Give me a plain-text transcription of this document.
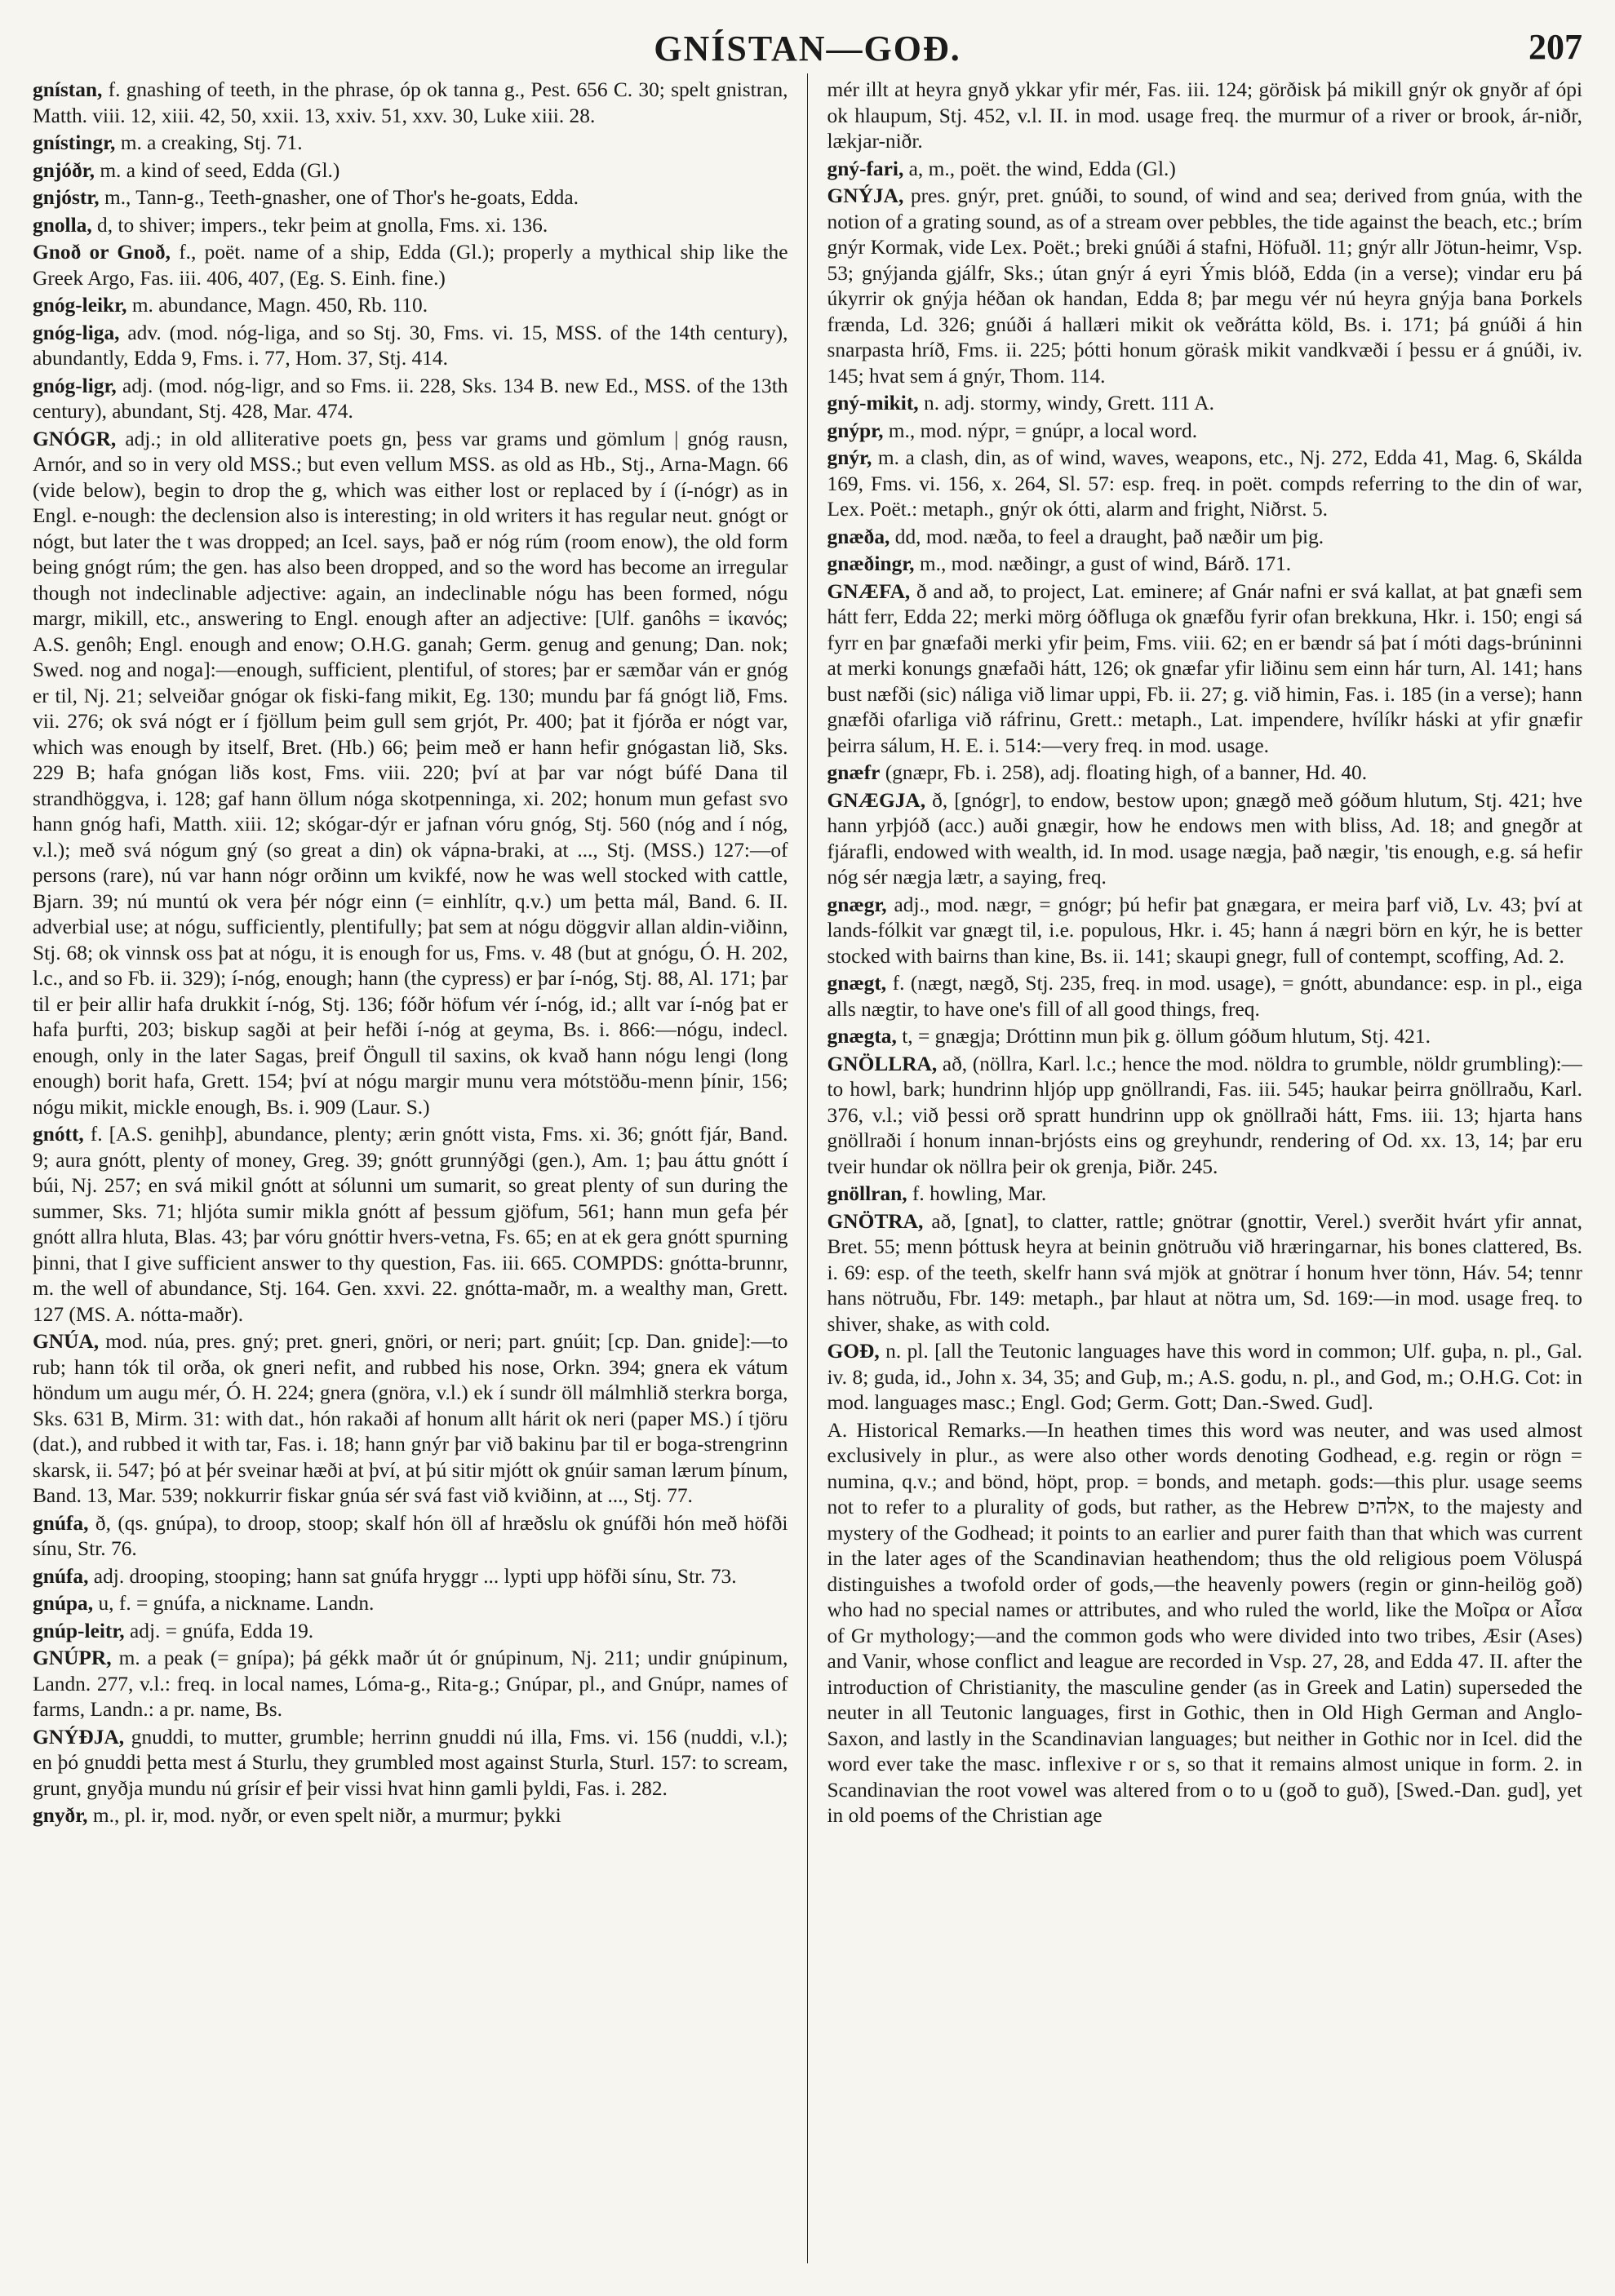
GNÍSTAN—GOÐ.	207

gnístan, f. gnashing of teeth, in the phrase, óp ok tanna g., Pest. 656 C. 30; spelt gnistran, Matth. viii. 12, xiii. 42, 50, xxii. 13, xxiv. 51, xxv. 30, Luke xiii. 28.

gnístingr, m. a creaking, Stj. 71.

gnjóðr, m. a kind of seed, Edda (Gl.)

gnjóstr, m., Tann-g., Teeth-gnasher, one of Thor's he-goats, Edda.

gnolla, d, to shiver; impers., tekr þeim at gnolla, Fms. xi. 136.

Gnoð or Gnoð, f., poët. name of a ship, Edda (Gl.); properly a mythical ship like the Greek Argo, Fas. iii. 406, 407, (Eg. S. Einh. fine.)

gnóg-leikr, m. abundance, Magn. 450, Rb. 110.

gnóg-liga, adv. (mod. nóg-liga, and so Stj. 30, Fms. vi. 15, MSS. of the 14th century), abundantly, Edda 9, Fms. i. 77, Hom. 37, Stj. 414.

gnóg-ligr, adj. (mod. nóg-ligr, and so Fms. ii. 228, Sks. 134 B. new Ed., MSS. of the 13th century), abundant, Stj. 428, Mar. 474.

GNÓGR, adj.; in old alliterative poets gn, þess var grams und gömlum | gnóg rausn, Arnór, and so in very old MSS.; but even vellum MSS. as old as Hb., Stj., Arna-Magn. 66 (vide below), begin to drop the g, which was either lost or replaced by í (í-nógr) as in Engl. e-nough: the declension also is interesting; in old writers it has regular neut. gnógt or nógt, but later the t was dropped; an Icel. says, það er nóg rúm (room enow), the old form being gnógt rúm; the gen. has also been dropped, and so the word has become an irregular though not indeclinable adjective: again, an indeclinable nógu has been formed, nógu margr, mikill, etc., answering to Engl. enough after an adjective: [Ulf. ganôhs = ἱκανός; A.S. genôh; Engl. enough and enow; O.H.G. ganah; Germ. genug and genung; Dan. nok; Swed. nog and noga]:—enough, sufficient, plentiful, of stores; þar er sæmðar ván er gnóg er til, Nj. 21; selveiðar gnógar ok fiski-fang mikit, Eg. 130; mundu þar fá gnógt lið, Fms. vii. 276; ok svá nógt er í fjöllum þeim gull sem grjót, Pr. 400; þat it fjórða er nógt var, which was enough by itself, Bret. (Hb.) 66; þeim með er hann hefir gnógastan lið, Sks. 229 B; hafa gnógan liðs kost, Fms. viii. 220; því at þar var nógt búfé Dana til strandhöggva, i. 128; gaf hann öllum nóga skotpenninga, xi. 202; honum mun gefast svo hann gnóg hafi, Matth. xiii. 12; skógar-dýr er jafnan vóru gnóg, Stj. 560 (nóg and í nóg, v.l.); með svá nógum gný (so great a din) ok vápna-braki, at ..., Stj. (MSS.) 127:—of persons (rare), nú var hann nógr orðinn um kvikfé, now he was well stocked with cattle, Bjarn. 39; nú muntú ok vera þér nógr einn (= einhlítr, q.v.) um þetta mál, Band. 6. II. adverbial use; at nógu, sufficiently, plentifully; þat sem at nógu döggvir allan aldin-viðinn, Stj. 68; ok vinnsk oss þat at nógu, it is enough for us, Fms. v. 48 (but at gnógu, Ó. H. 202, l.c., and so Fb. ii. 329); í-nóg, enough; hann (the cypress) er þar í-nóg, Stj. 88, Al. 171; þar til er þeir allir hafa drukkit í-nóg, Stj. 136; fóðr höfum vér í-nóg, id.; allt var í-nóg þat er hafa þurfti, 203; biskup sagði at þeir hefði í-nóg at geyma, Bs. i. 866:—nógu, indecl. enough, only in the later Sagas, þreif Öngull til saxins, ok kvað hann nógu lengi (long enough) borit hafa, Grett. 154; því at nógu margir munu vera mótstöðu-menn þínir, 156; nógu mikit, mickle enough, Bs. i. 909 (Laur. S.)

gnótt, f. [A.S. genihþ], abundance, plenty; ærin gnótt vista, Fms. xi. 36; gnótt fjár, Band. 9; aura gnótt, plenty of money, Greg. 39; gnótt grunnýðgi (gen.), Am. 1; þau áttu gnótt í búi, Nj. 257; en svá mikil gnótt at sólunni um sumarit, so great plenty of sun during the summer, Sks. 71; hljóta sumir mikla gnótt af þessum gjöfum, 561; hann mun gefa þér gnótt allra hluta, Blas. 43; þar vóru gnóttir hvers-vetna, Fs. 65; en at ek gera gnótt spurning þinni, that I give sufficient answer to thy question, Fas. iii. 665. COMPDS: gnótta-brunnr, m. the well of abundance, Stj. 164. Gen. xxvi. 22. gnótta-maðr, m. a wealthy man, Grett. 127 (MS. A. nótta-maðr).

GNÚA, mod. núa, pres. gný; pret. gneri, gnöri, or neri; part. gnúit; [cp. Dan. gnide]:—to rub; hann tók til orða, ok gneri nefit, and rubbed his nose, Orkn. 394; gnera ek vátum höndum um augu mér, Ó. H. 224; gnera (gnöra, v.l.) ek í sundr öll málmhlið sterkra borga, Sks. 631 B, Mirm. 31: with dat., hón rakaði af honum allt hárit ok neri (paper MS.) í tjöru (dat.), and rubbed it with tar, Fas. i. 18; hann gnýr þar við bakinu þar til er boga-strengrinn skarsk, ii. 547; þó at þér sveinar hæði at því, at þú sitir mjótt ok gnúir saman lærum þínum, Band. 13, Mar. 539; nokkurrir fiskar gnúa sér svá fast við kviðinn, at ..., Stj. 77.

gnúfa, ð, (qs. gnúpa), to droop, stoop; skalf hón öll af hræðslu ok gnúfði hón með höfði sínu, Str. 76.

gnúfa, adj. drooping, stooping; hann sat gnúfa hryggr ... lypti upp höfði sínu, Str. 73.

gnúpa, u, f. = gnúfa, a nickname. Landn.

gnúp-leitr, adj. = gnúfa, Edda 19.

GNÚPR, m. a peak (= gnípa); þá gékk maðr út ór gnúpinum, Nj. 211; undir gnúpinum, Landn. 277, v.l.: freq. in local names, Lóma-g., Rita-g.; Gnúpar, pl., and Gnúpr, names of farms, Landn.: a pr. name, Bs.

GNÝÐJA, gnuddi, to mutter, grumble; herrinn gnuddi nú illa, Fms. vi. 156 (nuddi, v.l.); en þó gnuddi þetta mest á Sturlu, they grumbled most against Sturla, Sturl. 157: to scream, grunt, gnyðja mundu nú grísir ef þeir vissi hvat hinn gamli þyldi, Fas. i. 282.

gnyðr, m., pl. ir, mod. nyðr, or even spelt niðr, a murmur; þykki

mér illt at heyra gnyð ykkar yfir mér, Fas. iii. 124; görðisk þá mikill gnýr ok gnyðr af ópi ok hlaupum, Stj. 452, v.l. II. in mod. usage freq. the murmur of a river or brook, ár-niðr, lækjar-niðr.

gný-fari, a, m., poët. the wind, Edda (Gl.)

GNÝJA, pres. gnýr, pret. gnúði, to sound, of wind and sea; derived from gnúa, with the notion of a grating sound, as of a stream over pebbles, the tide against the beach, etc.; brím gnýr Kormak, vide Lex. Poët.; breki gnúði á stafni, Höfuðl. 11; gnýr allr Jötun-heimr, Vsp. 53; gnýjanda gjálfr, Sks.; útan gnýr á eyri Ýmis blóð, Edda (in a verse); vindar eru þá úkyrrir ok gnýja héðan ok handan, Edda 8; þar megu vér nú heyra gnýja bana Þorkels frænda, Ld. 326; gnúði á hallæri mikit ok veðrátta köld, Bs. i. 171; þá gnúði á hin snarpasta hríð, Fms. ii. 225; þótti honum göraṡk mikit vandkvæði í þessu er á gnúði, iv. 145; hvat sem á gnýr, Thom. 114.

gný-mikit, n. adj. stormy, windy, Grett. 111 A.

gnýpr, m., mod. nýpr, = gnúpr, a local word.

gnýr, m. a clash, din, as of wind, waves, weapons, etc., Nj. 272, Edda 41, Mag. 6, Skálda 169, Fms. vi. 156, x. 264, Sl. 57: esp. freq. in poët. compds referring to the din of war, Lex. Poët.: metaph., gnýr ok ótti, alarm and fright, Niðrst. 5.

gnæða, dd, mod. næða, to feel a draught, það næðir um þig.

gnæðingr, m., mod. næðingr, a gust of wind, Bárð. 171.

GNÆFA, ð and að, to project, Lat. eminere; af Gnár nafni er svá kallat, at þat gnæfi sem hátt ferr, Edda 22; merki mörg óðfluga ok gnæfðu fyrir ofan brekkuna, Hkr. i. 150; engi sá fyrr en þar gnæfaði merki yfir þeim, Fms. viii. 62; en er bændr sá þat í móti dags-brúninni at merki konungs gnæfaði hátt, 126; ok gnæfar yfir liðinu sem einn hár turn, Al. 141; hans bust næfði (sic) náliga við limar uppi, Fb. ii. 27; g. við himin, Fas. i. 185 (in a verse); hann gnæfði ofarliga við ráfrinu, Grett.: metaph., Lat. impendere, hvílíkr háski at yfir gnæfir þeirra sálum, H. E. i. 514:—very freq. in mod. usage.

gnæfr (gnæpr, Fb. i. 258), adj. floating high, of a banner, Hd. 40.

GNÆGJA, ð, [gnógr], to endow, bestow upon; gnægð með góðum hlutum, Stj. 421; hve hann yrþjóð (acc.) auði gnægir, how he endows men with bliss, Ad. 18; and gnegðr at fjárafli, endowed with wealth, id. In mod. usage nægja, það nægir, 'tis enough, e.g. sá hefir nóg sér nægja lætr, a saying, freq.

gnægr, adj., mod. nægr, = gnógr; þú hefir þat gnægara, er meira þarf við, Lv. 43; því at lands-fólkit var gnægt til, i.e. populous, Hkr. i. 45; hann á nægri börn en kýr, he is better stocked with bairns than kine, Bs. ii. 141; skaupi gnegr, full of contempt, scoffing, Ad. 2.

gnægt, f. (nægt, nægð, Stj. 235, freq. in mod. usage), = gnótt, abundance: esp. in pl., eiga alls nægtir, to have one's fill of all good things, freq.

gnægta, t, = gnægja; Dróttinn mun þik g. öllum góðum hlutum, Stj. 421.

GNÖLLRA, að, (nöllra, Karl. l.c.; hence the mod. nöldra to grumble, nöldr grumbling):—to howl, bark; hundrinn hljóp upp gnöllrandi, Fas. iii. 545; haukar þeirra gnöllraðu, Karl. 376, v.l.; við þessi orð spratt hundrinn upp ok gnöllraði hátt, Fms. iii. 13; hjarta hans gnöllraði í honum innan-brjósts eins og greyhundr, rendering of Od. xx. 13, 14; þar eru tveir hundar ok nöllra þeir ok grenja, Þiðr. 245.

gnöllran, f. howling, Mar.

GNÖTRA, að, [gnat], to clatter, rattle; gnötrar (gnottir, Verel.) sverðit hvárt yfir annat, Bret. 55; menn þóttusk heyra at beinin gnötruðu við hræringarnar, his bones clattered, Bs. i. 69: esp. of the teeth, skelfr hann svá mjök at gnötrar í honum hver tönn, Háv. 54; tennr hans nötruðu, Fbr. 149: metaph., þar hlaut at nötra um, Sd. 169:—in mod. usage freq. to shiver, shake, as with cold.

GOÐ, n. pl. [all the Teutonic languages have this word in common; Ulf. guþa, n. pl., Gal. iv. 8; guda, id., John x. 34, 35; and Guþ, m.; A.S. godu, n. pl., and God, m.; O.H.G. Cot: in mod. languages masc.; Engl. God; Germ. Gott; Dan.-Swed. Gud].

A. Historical Remarks.—In heathen times this word was neuter, and was used almost exclusively in plur., as were also other words denoting Godhead, e.g. regin or rögn = numina, q.v.; and bönd, höpt, prop. = bonds, and metaph. gods:—this plur. usage seems not to refer to a plurality of gods, but rather, as the Hebrew אלהים, to the majesty and mystery of the Godhead; it points to an earlier and purer faith than that which was current in the later ages of the Scandinavian heathendom; thus the old religious poem Völuspá distinguishes a twofold order of gods,—the heavenly powers (regin or ginn-heilög goð) who had no special names or attributes, and who ruled the world, like the Μοῖρα or Αἶσα of Gr mythology;—and the common gods who were divided into two tribes, Æsir (Ases) and Vanir, whose conflict and league are recorded in Vsp. 27, 28, and Edda 47. II. after the introduction of Christianity, the masculine gender (as in Greek and Latin) superseded the neuter in all Teutonic languages, first in Gothic, then in Old High German and Anglo-Saxon, and lastly in the Scandinavian languages; but neither in Gothic nor in Icel. did the word ever take the masc. inflexive r or s, so that it remains almost unique in form. 2. in Scandinavian the root vowel was altered from o to u (goð to guð), [Swed.-Dan. gud], yet in old poems of the Christian age
